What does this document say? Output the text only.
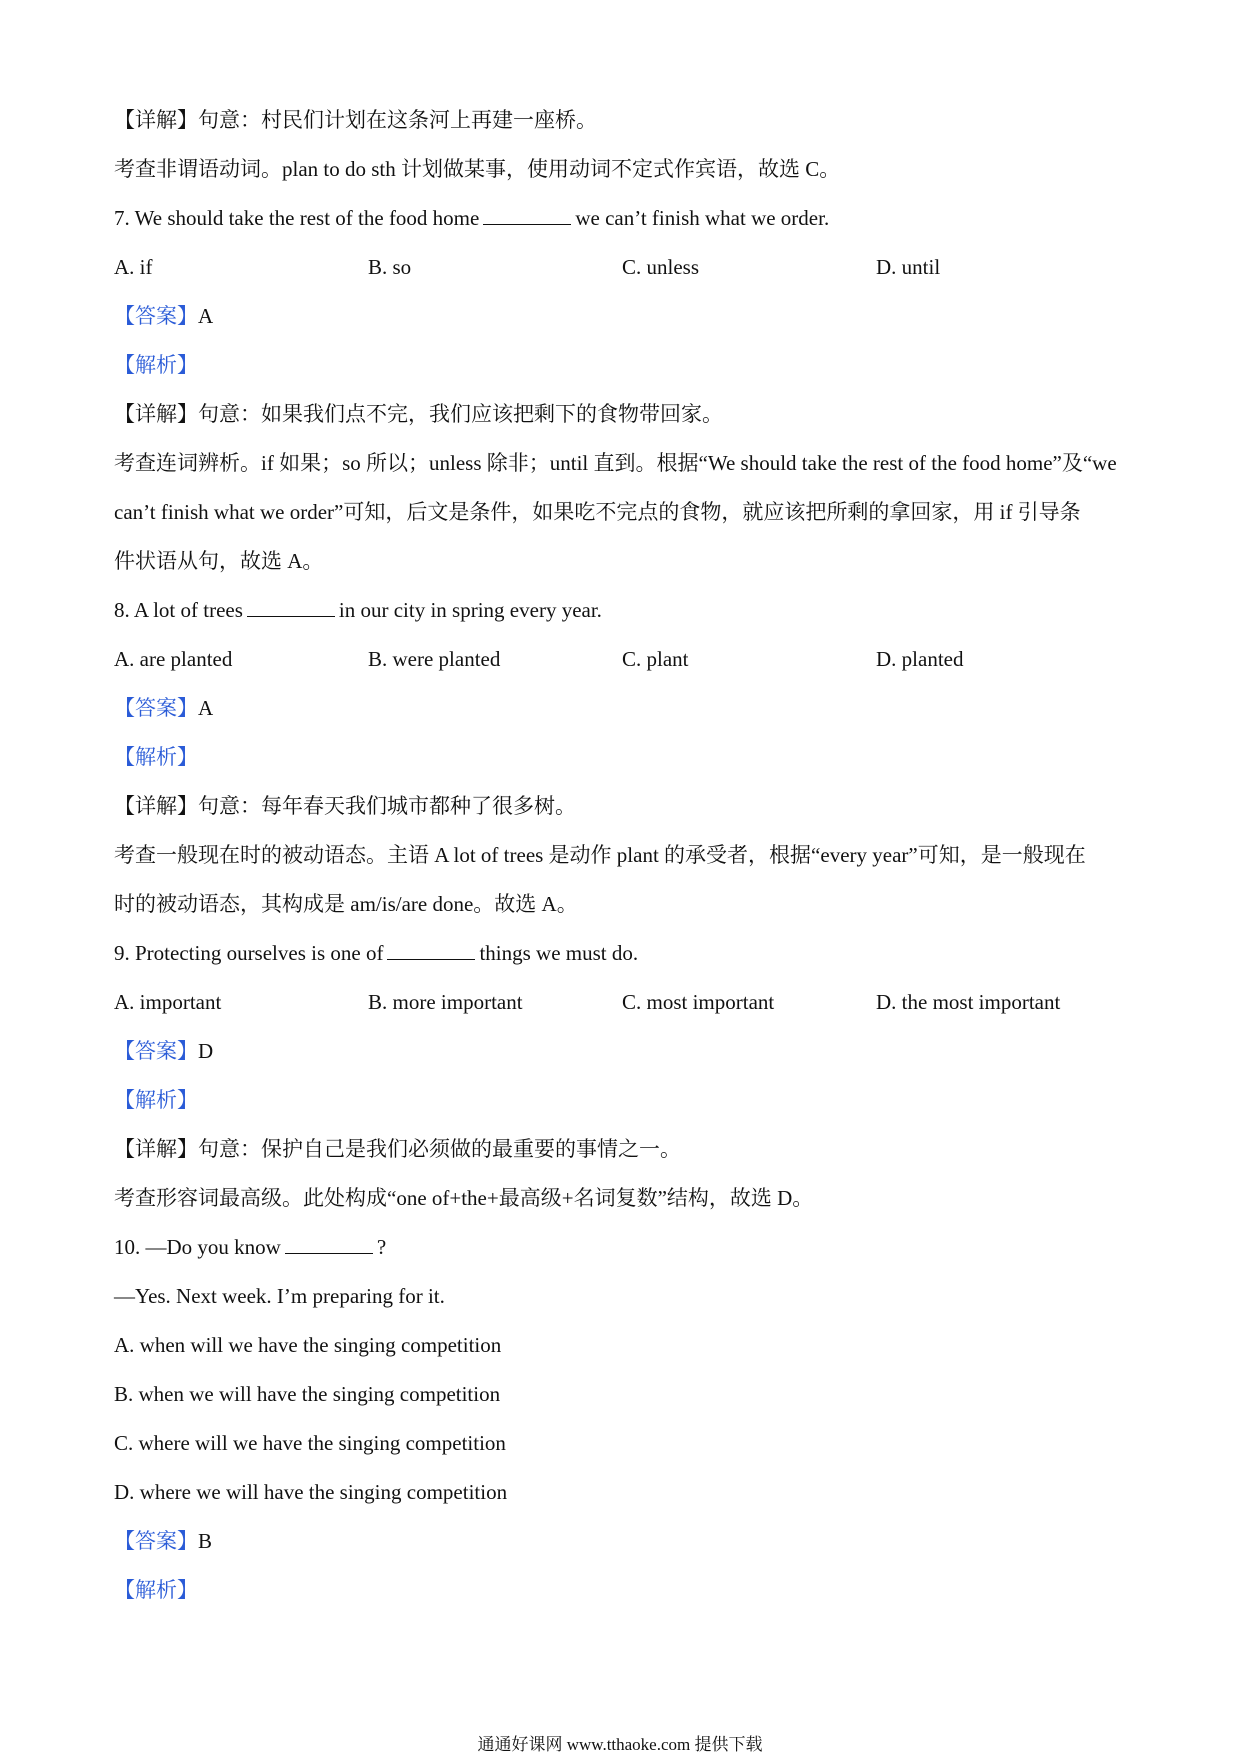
【详解】句意：村民们计划在这条河上再建一座桥。
考查非谓语动词。plan to do sth 计划做某事，使用动词不定式作宾语，故选 C。
7. We should take the rest of the food home	we can’t finish what we order.
A. if	B. so	C. unless	D. until
【答案】A
【解析】
【详解】句意：如果我们点不完，我们应该把剩下的食物带回家。
考查连词辨析。if 如果；so 所以；unless 除非；until 直到。根据“We should take the rest of the food home”及“we
can’t finish what we order”可知，后文是条件，如果吃不完点的食物，就应该把所剩的拿回家，用 if 引导条
件状语从句，故选 A。
8. A lot of trees	in our city in spring every year.
A. are planted	B. were planted	C. plant	D. planted
【答案】A
【解析】
【详解】句意：每年春天我们城市都种了很多树。
考查一般现在时的被动语态。主语 A lot of trees 是动作 plant 的承受者，根据“every year”可知，是一般现在
时的被动语态，其构成是 am/is/are done。故选 A。
9. Protecting ourselves is one of	things we must do.
A. important	B. more important	C. most important	D. the most important
【答案】D
【解析】
【详解】句意：保护自己是我们必须做的最重要的事情之一。
考查形容词最高级。此处构成“one of+the+最高级+名词复数”结构，故选 D。
10. —Do you know	?
—Yes. Next week. I’m preparing for it.
A. when will we have the singing competition
B. when we will have the singing competition
C. where will we have the singing competition
D. where we will have the singing competition
【答案】B
【解析】
通通好课网 www.tthaoke.com 提供下载
